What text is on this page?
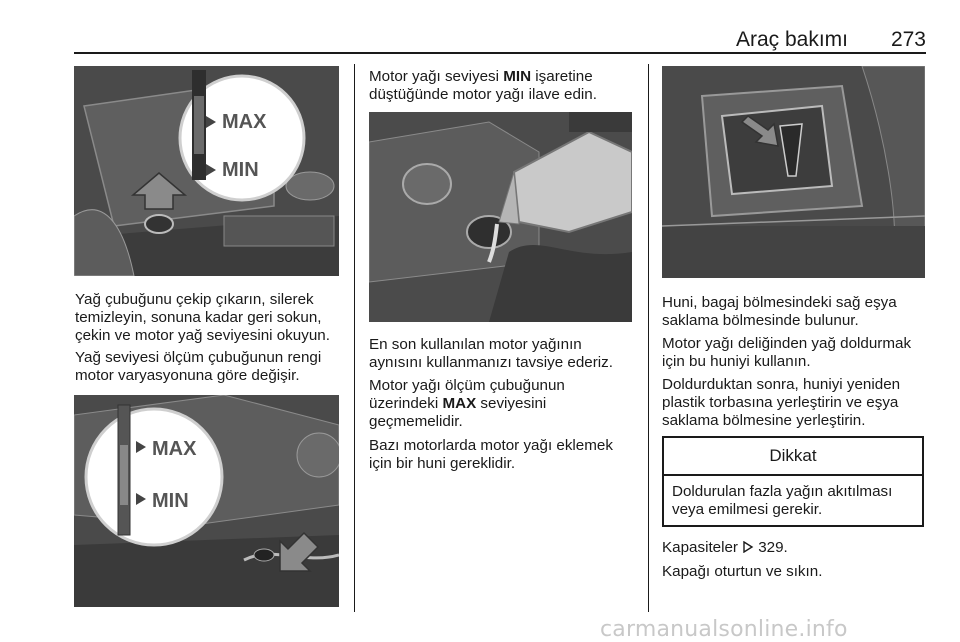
Araç bakımı 273
MAX
MIN
Yağ çubuğunu çekip çıkarın, silerek
temizleyin, sonuna kadar geri sokun,
çekin ve motor yağ seviyesini okuyun.
Yağ seviyesi ölçüm çubuğunun rengi
motor varyasyonuna göre değişir.
MAX
MIN
Motor yağı seviyesi MIN işaretine
düştüğünde motor yağı ilave edin.
En son kullanılan motor yağının
aynısını kullanmanızı tavsiye ederiz.
Motor yağı ölçüm çubuğunun
üzerindeki MAX seviyesini
geçmemelidir.
Bazı motorlarda motor yağı eklemek
için bir huni gereklidir.
Huni, bagaj bölmesindeki sağ eşya
saklama bölmesinde bulunur.
Motor yağı deliğinden yağ doldurmak
için bu huniyi kullanın.
Doldurduktan sonra, huniyi yeniden
plastik torbasına yerleştirin ve eşya
saklama bölmesine yerleştirin.
Dikkat
Doldurulan fazla yağın akıtılması
veya emilmesi gerekir.
Kapasiteler 329.
Kapağı oturtun ve sıkın.
carmanualsonline.info
